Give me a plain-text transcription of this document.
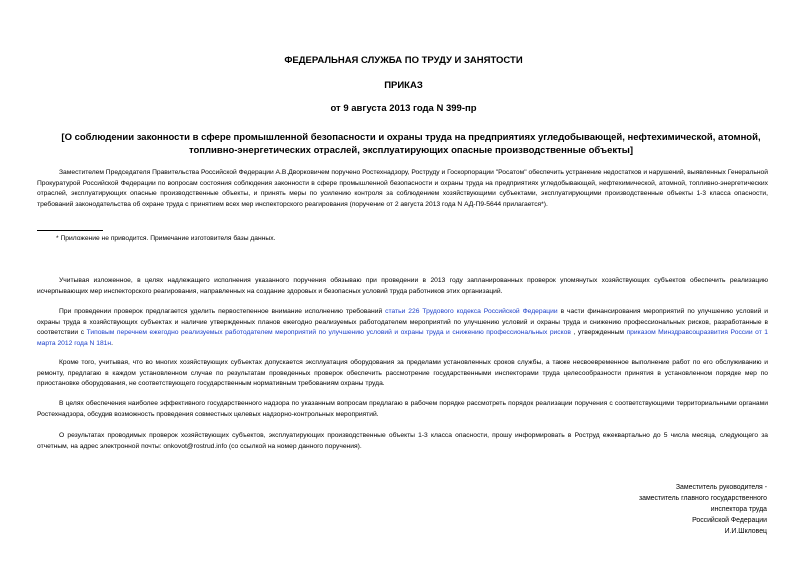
ФЕДЕРАЛЬНАЯ СЛУЖБА ПО ТРУДУ И ЗАНЯТОСТИ
ПРИКАЗ
от 9 августа 2013 года N 399-пр
[О соблюдении законности в сфере промышленной безопасности и охраны труда на предприятиях угледобывающей, нефтехимической, атомной, топливно-энергетических отраслей, эксплуатирующих опасные производственные объекты]
Заместителем Председателя Правительства Российской Федерации А.В.Дворковичем поручено Ростехнадзору, Роструду и Госкорпорации "Росатом" обеспечить устранение недостатков и нарушений, выявленных Генеральной Прокуратурой Российской Федерации по вопросам состояния соблюдения законности в сфере промышленной безопасности и охраны труда на предприятиях угледобывающей, нефтехимической, атомной, топливно-энергетических отраслей, эксплуатирующих опасные производственные объекты, и принять меры по усилению контроля за соблюдением хозяйствующими субъектами, эксплуатирующими производственные объекты 1-3 класса опасности, требований законодательства об охране труда с принятием всех мер инспекторского реагирования (поручение от 2 августа 2013 года N АД-П9-5644 прилагается*).
* Приложение не приводится. Примечание изготовителя базы данных.
Учитывая изложенное, в целях надлежащего исполнения указанного поручения обязываю при проведении в 2013 году запланированных проверок упомянутых хозяйствующих субъектов обеспечить реализацию исчерпывающих мер инспекторского реагирования, направленных на создание здоровых и безопасных условий труда работников этих организаций.
При проведении проверок предлагается уделить первостепенное внимание исполнению требований статьи 226 Трудового кодекса Российской Федерации в части финансирования мероприятий по улучшению условий и охраны труда в хозяйствующих субъектах и наличие утвержденных планов ежегодно реализуемых работодателем мероприятий по улучшению условий и охраны труда и снижению профессиональных рисков, разработанные в соответствии с Типовым перечнем ежегодно реализуемых работодателем мероприятий по улучшению условий и охраны труда и снижению профессиональных рисков , утвержденным приказом Минздравсоцразвития России от 1 марта 2012 года N 181н.
Кроме того, учитывая, что во многих хозяйствующих субъектах допускается эксплуатация оборудования за пределами установленных сроков службы, а также несвоевременное выполнение работ по его обслуживанию и ремонту, предлагаю в каждом установленном случае по результатам проведенных проверок обеспечить рассмотрение государственными инспекторами труда целесообразности принятия в установленном порядке мер по приостановке оборудования, не соответствующего государственным нормативным требованиям охраны труда.
В целях обеспечения наиболее эффективного государственного надзора по указанным вопросам предлагаю в рабочем порядке рассмотреть порядок реализации поручения с соответствующими территориальными органами Ростехнадзора, обсудив возможность проведения совместных целевых надзорно-контрольных мероприятий.
О результатах проводимых проверок хозяйствующих субъектов, эксплуатирующих производственные объекты 1-3 класса опасности, прошу информировать в Роструд ежеквартально до 5 числа месяца, следующего за отчетным, на адрес электронной почты: onkovot@rostrud.info (со ссылкой на номер данного поручения).
Заместитель руководителя -
заместитель главного государственного
инспектора труда
Российской Федерации
И.И.Шкловец
